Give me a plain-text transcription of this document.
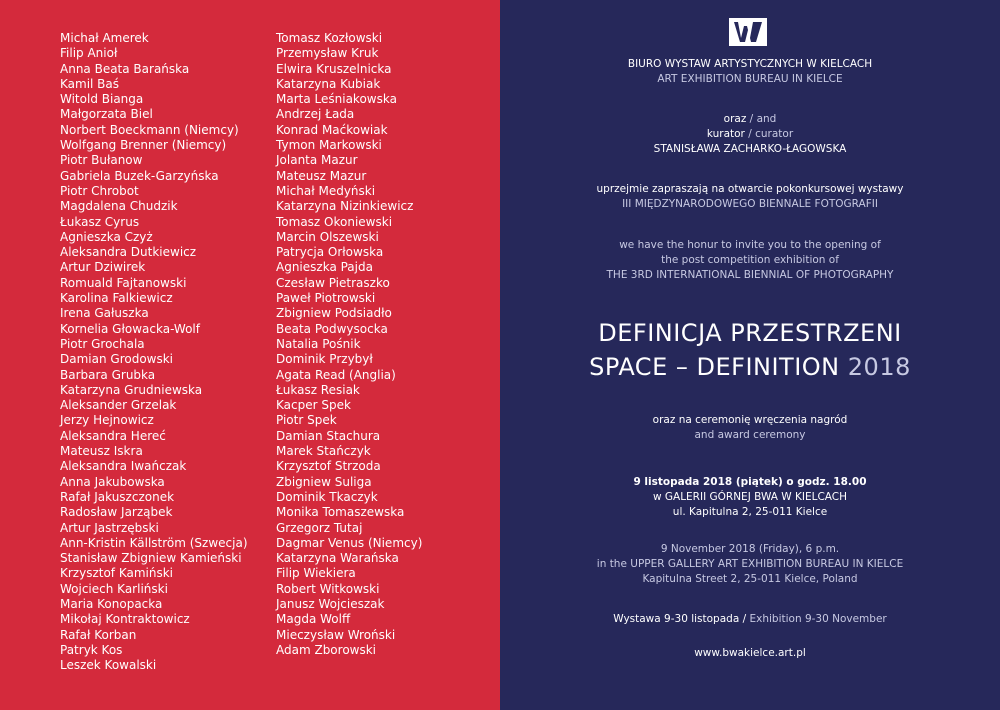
Michał Amerek
Filip Anioł
Anna Beata Barańska
Kamil Baś
Witold Bianga
Małgorzata Biel
Norbert Boeckmann (Niemcy)
Wolfgang Brenner (Niemcy)
Piotr Bułanow
Gabriela Buzek-Garzyńska
Piotr Chrobot
Magdalena Chudzik
Łukasz Cyrus
Agnieszka Czyż
Aleksandra Dutkiewicz
Artur Dziwirek
Romuald Fajtanowski
Karolina Falkiewicz
Irena Gałuszka
Kornelia Głowacka-Wolf
Piotr Grochala
Damian Grodowski
Barbara Grubka
Katarzyna Grudniewska
Aleksander Grzelak
Jerzy Hejnowicz
Aleksandra Hereć
Mateusz Iskra
Aleksandra Iwańczak
Anna Jakubowska
Rafał Jakuszczonek
Radosław Jarząbek
Artur Jastrzębski
Ann-Kristin Källström (Szwecja)
Stanisław Zbigniew Kamieński
Krzysztof Kamiński
Wojciech Karliński
Maria Konopacka
Mikołaj Kontraktowicz
Rafał Korban
Patryk Kos
Leszek Kowalski
Tomasz Kozłowski
Przemysław Kruk
Elwira Kruszelnicka
Katarzyna Kubiak
Marta Leśniakowska
Andrzej Łada
Konrad Maćkowiak
Tymon Markowski
Jolanta Mazur
Mateusz Mazur
Michał Medyński
Katarzyna Nizinkiewicz
Tomasz Okoniewski
Marcin Olszewski
Patrycja Orłowska
Agnieszka Pajda
Czesław Pietraszko
Paweł Piotrowski
Zbigniew Podsiadło
Beata Podwysocka
Natalia Pośnik
Dominik Przybył
Agata Read (Anglia)
Łukasz Resiak
Kacper Spek
Piotr Spek
Damian Stachura
Marek Stańczyk
Krzysztof Strzoda
Zbigniew Suliga
Dominik Tkaczyk
Monika Tomaszewska
Grzegorz Tutaj
Dagmar Venus (Niemcy)
Katarzyna Warańska
Filip Wiekiera
Robert Witkowski
Janusz Wojcieszak
Magda Wolff
Mieczysław Wroński
Adam Zborowski
BIURO WYSTAW ARTYSTYCZNYCH W KIELCACH
ART EXHIBITION BUREAU IN KIELCE
oraz / and
kurator / curator
STANISŁAWA ZACHARKO-ŁAGOWSKA
uprzejmie zapraszają na otwarcie pokonkursowej wystawy
III MIĘDZYNARODOWEGO BIENNALE FOTOGRAFII
we have the honur to invite you to the opening of
the post competition exhibition of
THE 3RD INTERNATIONAL BIENNIAL OF PHOTOGRAPHY
DEFINICJA PRZESTRZENI
SPACE – DEFINITION 2018
oraz na ceremonię wręczenia nagród
and award ceremony
9 listopada 2018 (piątek) o godz. 18.00
w GALERII GÓRNEJ BWA W KIELCACH
ul. Kapitulna 2, 25-011 Kielce
9 November 2018 (Friday), 6 p.m.
in the UPPER GALLERY ART EXHIBITION BUREAU IN KIELCE
Kapitulna Street 2, 25-011 Kielce, Poland
Wystawa 9-30 listopada / Exhibition 9-30 November
www.bwakielce.art.pl
